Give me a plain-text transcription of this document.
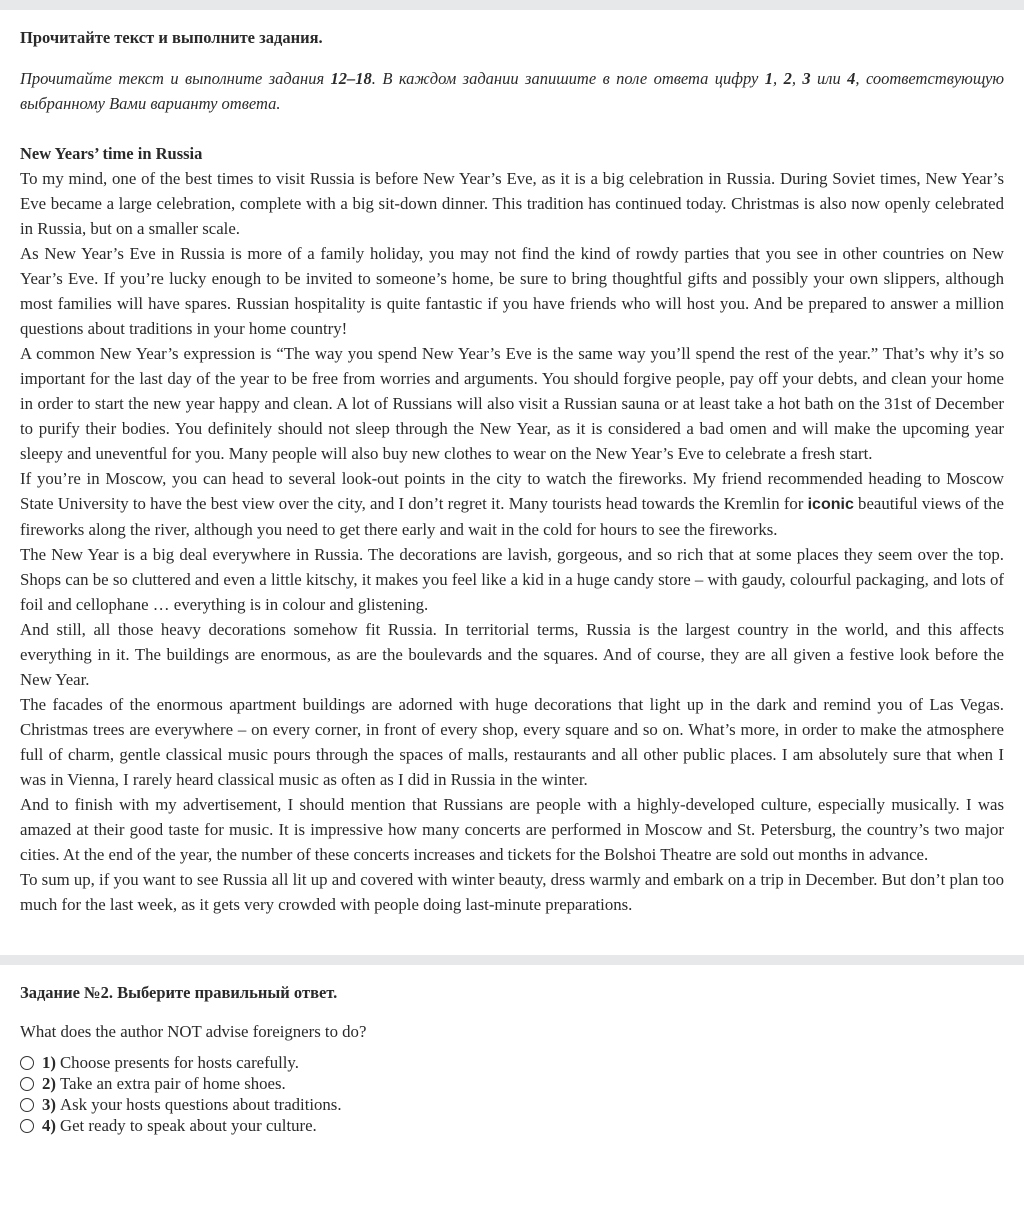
Прочитайте текст и выполните задания.
Прочитайте текст и выполните задания 12–18. В каждом задании запишите в поле ответа цифру 1, 2, 3 или 4, соответствующую выбранному Вами варианту ответа.
New Years’ time in Russia

To my mind, one of the best times to visit Russia is before New Year’s Eve, as it is a big celebration in Russia. During Soviet times, New Year’s Eve became a large celebration, complete with a big sit-down dinner. This tradition has continued today. Christmas is also now openly celebrated in Russia, but on a smaller scale.

As New Year’s Eve in Russia is more of a family holiday, you may not find the kind of rowdy parties that you see in other countries on New Year’s Eve. If you’re lucky enough to be invited to someone’s home, be sure to bring thoughtful gifts and possibly your own slippers, although most families will have spares. Russian hospitality is quite fantastic if you have friends who will host you. And be prepared to answer a million questions about traditions in your home country!

A common New Year’s expression is “The way you spend New Year’s Eve is the same way you’ll spend the rest of the year.” That’s why it’s so important for the last day of the year to be free from worries and arguments. You should forgive people, pay off your debts, and clean your home in order to start the new year happy and clean. A lot of Russians will also visit a Russian sauna or at least take a hot bath on the 31st of December to purify their bodies. You definitely should not sleep through the New Year, as it is considered a bad omen and will make the upcoming year sleepy and uneventful for you. Many people will also buy new clothes to wear on the New Year’s Eve to celebrate a fresh start.

If you’re in Moscow, you can head to several look-out points in the city to watch the fireworks. My friend recommended heading to Moscow State University to have the best view over the city, and I don’t regret it. Many tourists head towards the Kremlin for iconic beautiful views of the fireworks along the river, although you need to get there early and wait in the cold for hours to see the fireworks.

The New Year is a big deal everywhere in Russia. The decorations are lavish, gorgeous, and so rich that at some places they seem over the top. Shops can be so cluttered and even a little kitschy, it makes you feel like a kid in a huge candy store – with gaudy, colourful packaging, and lots of foil and cellophane … everything is in colour and glistening.

And still, all those heavy decorations somehow fit Russia. In territorial terms, Russia is the largest country in the world, and this affects everything in it. The buildings are enormous, as are the boulevards and the squares. And of course, they are all given a festive look before the New Year.

The facades of the enormous apartment buildings are adorned with huge decorations that light up in the dark and remind you of Las Vegas. Christmas trees are everywhere – on every corner, in front of every shop, every square and so on. What’s more, in order to make the atmosphere full of charm, gentle classical music pours through the spaces of malls, restaurants and all other public places. I am absolutely sure that when I was in Vienna, I rarely heard classical music as often as I did in Russia in the winter.

And to finish with my advertisement, I should mention that Russians are people with a highly-developed culture, especially musically. I was amazed at their good taste for music. It is impressive how many concerts are performed in Moscow and St. Petersburg, the country’s two major cities. At the end of the year, the number of these concerts increases and tickets for the Bolshoi Theatre are sold out months in advance.

To sum up, if you want to see Russia all lit up and covered with winter beauty, dress warmly and embark on a trip in December. But don’t plan too much for the last week, as it gets very crowded with people doing last-minute preparations.

Задание №2. Выберите правильный ответ.
What does the author NOT advise foreigners to do?
1) Choose presents for hosts carefully.
2) Take an extra pair of home shoes.
3) Ask your hosts questions about traditions.
4) Get ready to speak about your culture.
